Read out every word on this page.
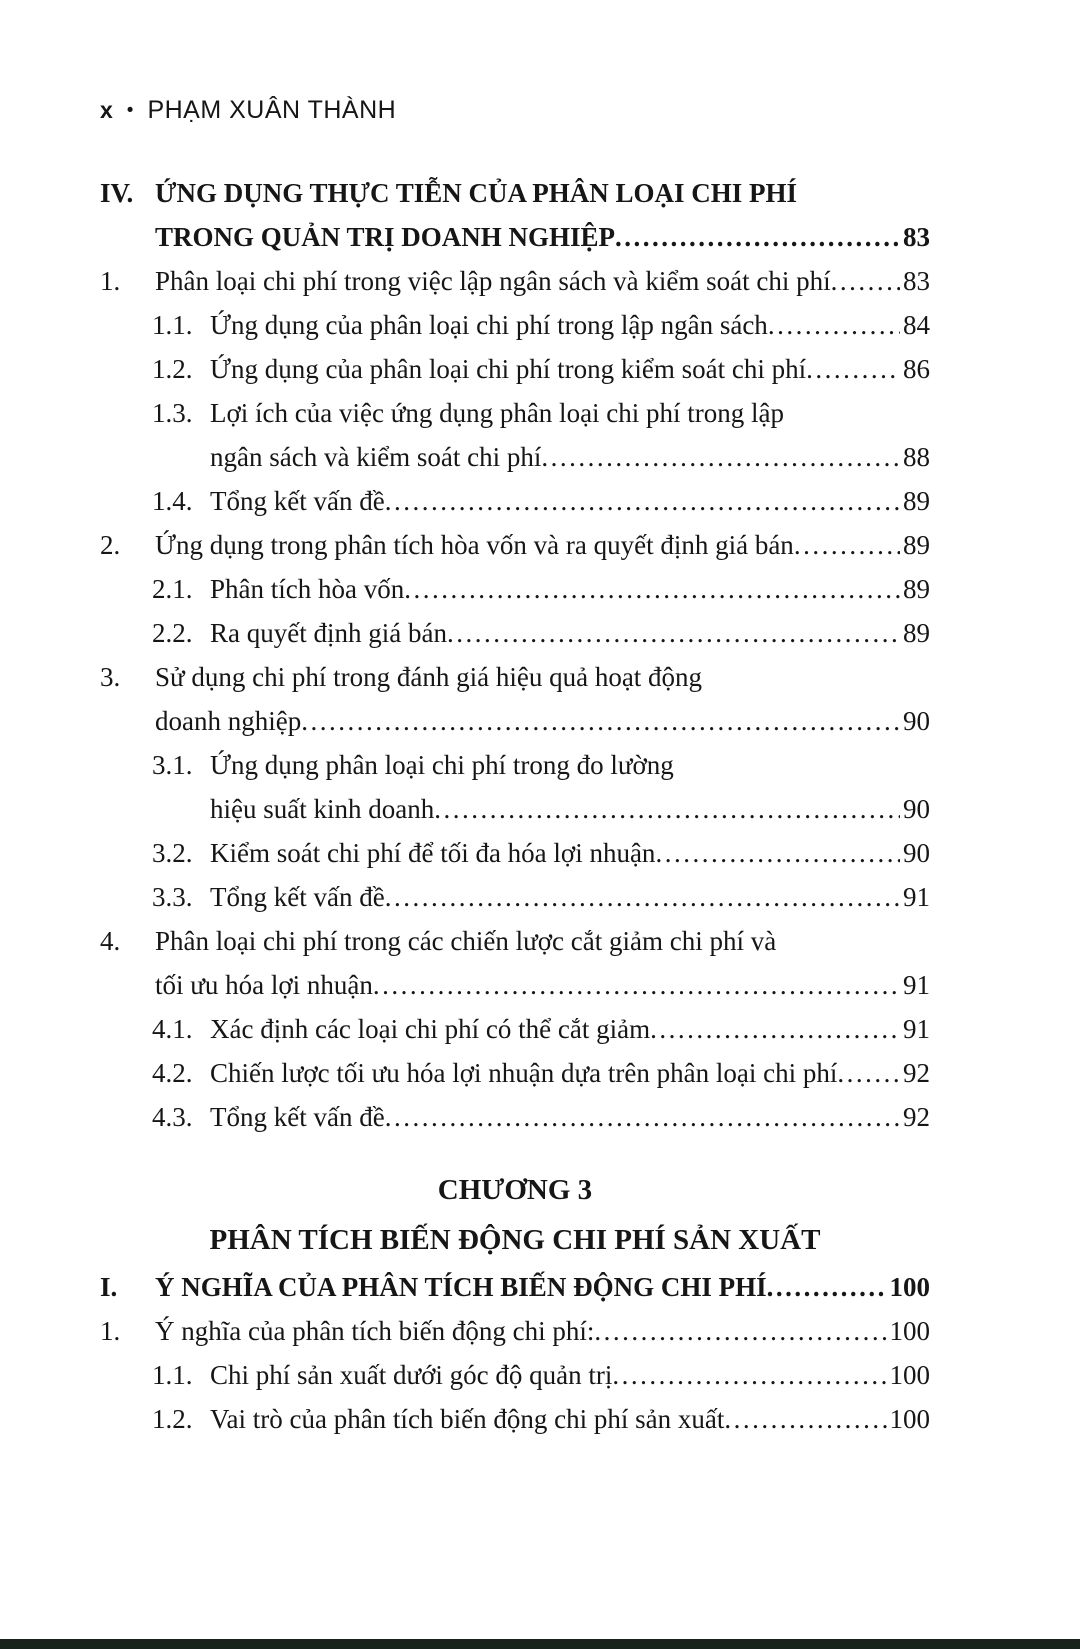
x • PHẠM XUÂN THÀNH
IV. ỨNG DỤNG THỰC TIỄN CỦA PHÂN LOẠI CHI PHÍ
TRONG QUẢN TRỊ DOANH NGHIỆP .....	83
1.	Phân loại chi phí trong việc lập ngân sách và kiểm soát chi phí .....	83
1.1. Ứng dụng của phân loại chi phí trong lập ngân sách .....	84
1.2. Ứng dụng của phân loại chi phí trong kiểm soát chi phí .....	86
1.3. Lợi ích của việc ứng dụng phân loại chi phí trong lập
ngân sách và kiểm soát chi phí .....	88
1.4. Tổng kết vấn đề .....	89
2.	Ứng dụng trong phân tích hòa vốn và ra quyết định giá bán .....	89
2.1. Phân tích hòa vốn .....	89
2.2. Ra quyết định giá bán .....	89
3.	Sử dụng chi phí trong đánh giá hiệu quả hoạt động
doanh nghiệp .....	90
3.1. Ứng dụng phân loại chi phí trong đo lường
hiệu suất kinh doanh .....	90
3.2. Kiểm soát chi phí để tối đa hóa lợi nhuận .....	90
3.3. Tổng kết vấn đề .....	91
4.	Phân loại chi phí trong các chiến lược cắt giảm chi phí và
tối ưu hóa lợi nhuận .....	91
4.1. Xác định các loại chi phí có thể cắt giảm .....	91
4.2. Chiến lược tối ưu hóa lợi nhuận dựa trên phân loại chi phí ..... 92
4.3. Tổng kết vấn đề .....	92
CHƯƠNG 3
PHÂN TÍCH BIẾN ĐỘNG CHI PHÍ SẢN XUẤT
I.	Ý NGHĨA CỦA PHÂN TÍCH BIẾN ĐỘNG CHI PHÍ .....	100
1.	Ý nghĩa của phân tích biến động chi phí: .....	100
1.1. Chi phí sản xuất dưới góc độ quản trị .....	100
1.2. Vai trò của phân tích biến động chi phí sản xuất .....	100
